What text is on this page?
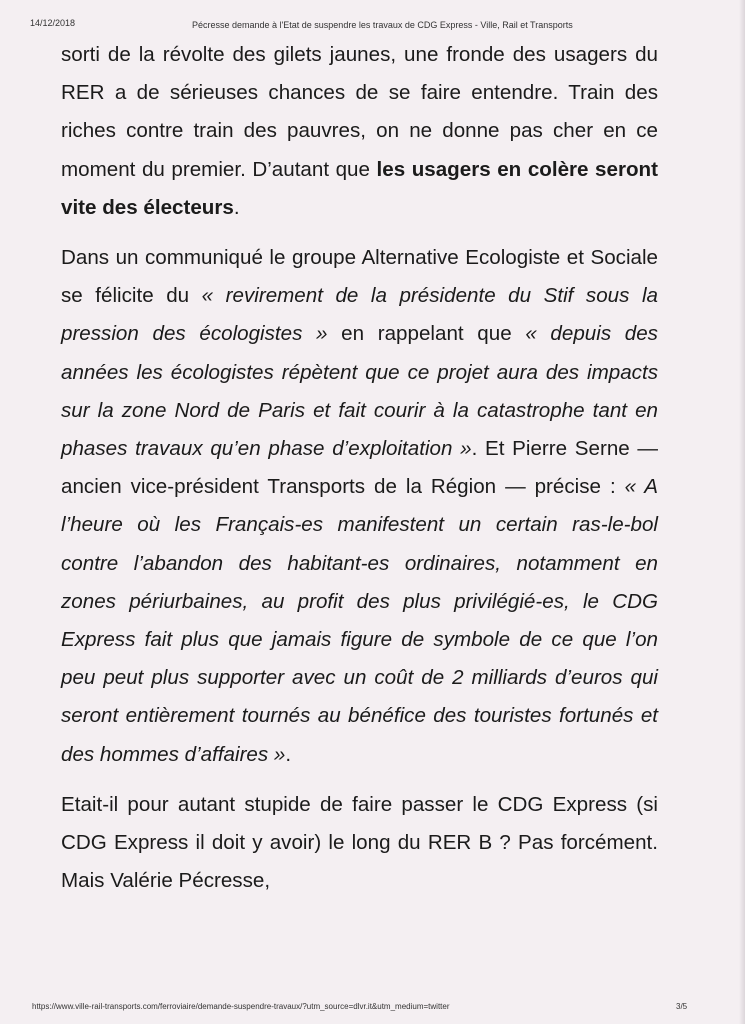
14/12/2018	Pécresse demande à l'Etat de suspendre les travaux de CDG Express - Ville, Rail et Transports

sorti de la révolte des gilets jaunes, une fronde des usagers du RER a de sérieuses chances de se faire entendre. Train des riches contre train des pauvres, on ne donne pas cher en ce moment du premier. D’autant que les usagers en colère seront vite des électeurs.

Dans un communiqué le groupe Alternative Ecologiste et Sociale se félicite du « revirement de la présidente du Stif sous la pression des écologistes » en rappelant que « depuis des années les écologistes répètent que ce projet aura des impacts sur la zone Nord de Paris et fait courir à la catastrophe tant en phases travaux qu’en phase d’exploitation ». Et Pierre Serne — ancien vice-président Transports de la Région — précise : « A l’heure où les Français-es manifestent un certain ras-le-bol contre l’abandon des habitant-es ordinaires, notamment en zones périurbaines, au profit des plus privilégié-es, le CDG Express fait plus que jamais figure de symbole de ce que l’on peu peut plus supporter avec un coût de 2 milliards d’euros qui seront entièrement tournés au bénéfice des touristes fortunés et des hommes d’affaires ».

Etait-il pour autant stupide de faire passer le CDG Express (si CDG Express il doit y avoir) le long du RER B ? Pas forcément. Mais Valérie Pécresse,

https://www.ville-rail-transports.com/ferroviaire/demande-suspendre-travaux/?utm_source=dlvr.it&utm_medium=twitter	3/5
